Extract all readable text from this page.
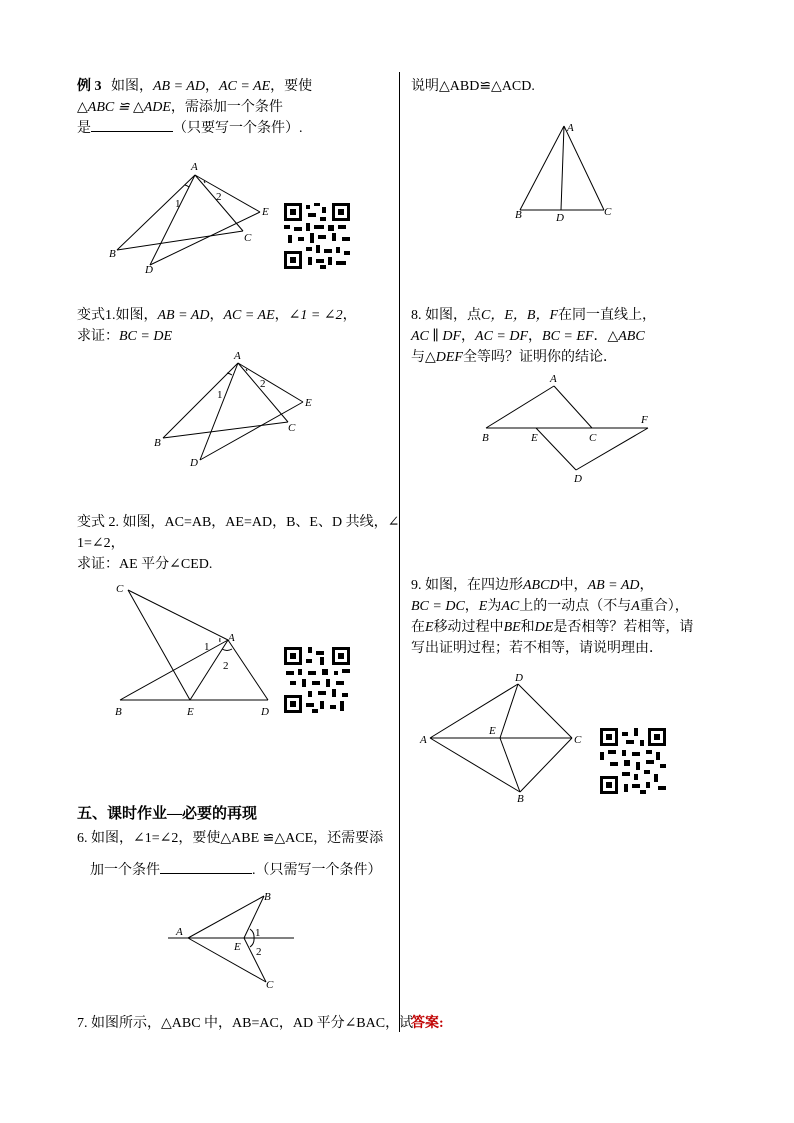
例 3 如图，AB = AD，AC = AE，要使
△ABC ≌ △ADE，需添加一个条件
是	（只要写一个条件）.
A
B
C
D
E
1
2
变式1.如图，AB = AD，AC = AE，∠1 = ∠2，
求证：BC = DE
A
B
C
D
E
1
2
变式 2. 如图，AC=AB，AE=AD，B、E、D 共线，∠
1=∠2，
求证：AE 平分∠CED.
C
A
B	E	D
1
2
五、课时作业—必要的再现
6. 如图，∠1=∠2，要使△ABE ≌△ACE，还需要添
加一个条件	.（只需写一个条件）
A
B
E
C
1
2
7. 如图所示，△ABC 中，AB=AC，AD 平分∠BAC，试
说明△ABD≌△ACD.
A
B	D	C
8. 如图，点C，E，B，F在同一直线上，
AC ∥ DF，AC = DF，BC = EF．△ABC
与△DEF全等吗？证明你的结论．
A
B	E	C
F
D
9. 如图，在四边形ABCD中，AB = AD，
BC = DC，E为AC上的一动点（不与A重合），
在E移动过程中BE和DE是否相等？若相等，请
写出证明过程；若不相等，请说明理由．
D
A
E
C
B
答案:
